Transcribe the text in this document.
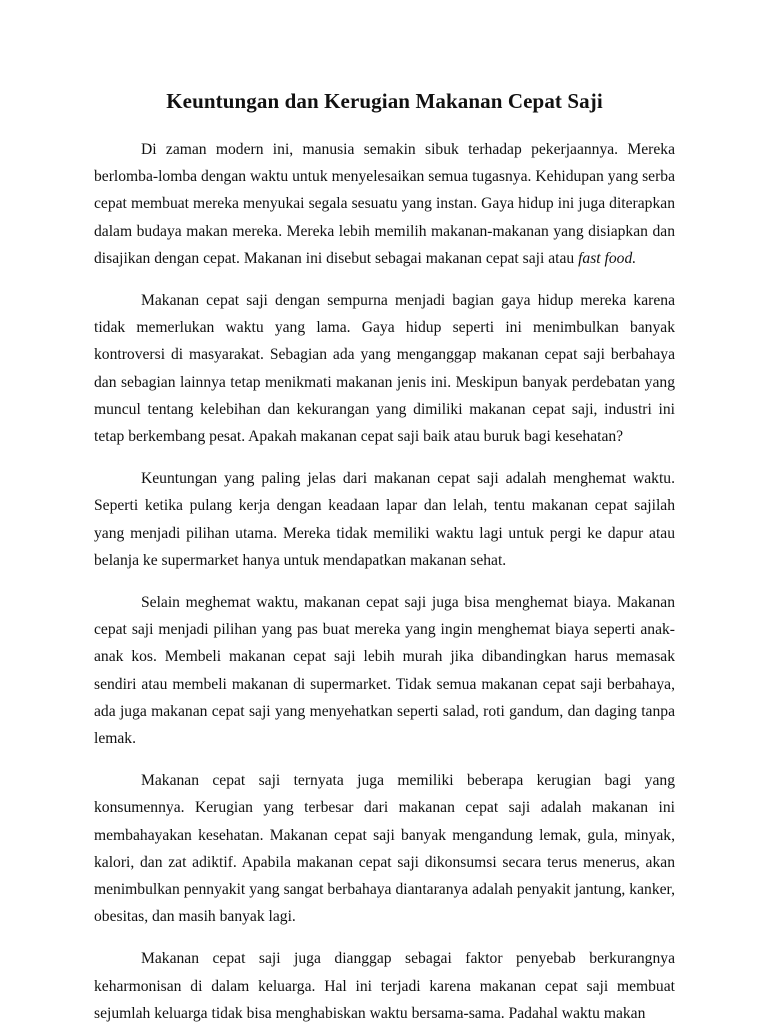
Keuntungan dan Kerugian Makanan Cepat Saji

Di zaman modern ini, manusia semakin sibuk terhadap pekerjaannya. Mereka berlomba-lomba dengan waktu untuk menyelesaikan semua tugasnya. Kehidupan yang serba cepat membuat mereka menyukai segala sesuatu yang instan. Gaya hidup ini juga diterapkan dalam budaya makan mereka. Mereka lebih memilih makanan-makanan yang disiapkan dan disajikan dengan cepat. Makanan ini disebut sebagai makanan cepat saji atau fast food.

Makanan cepat saji dengan sempurna menjadi bagian gaya hidup mereka karena tidak memerlukan waktu yang lama. Gaya hidup seperti ini menimbulkan banyak kontroversi di masyarakat. Sebagian ada yang menganggap makanan cepat saji berbahaya dan sebagian lainnya tetap menikmati makanan jenis ini. Meskipun banyak perdebatan yang muncul tentang kelebihan dan kekurangan yang dimiliki makanan cepat saji, industri ini tetap berkembang pesat. Apakah makanan cepat saji baik atau buruk bagi kesehatan?

Keuntungan yang paling jelas dari makanan cepat saji adalah menghemat waktu. Seperti ketika pulang kerja dengan keadaan lapar dan lelah, tentu makanan cepat sajilah yang menjadi pilihan utama. Mereka tidak memiliki waktu lagi untuk pergi ke dapur atau belanja ke supermarket hanya untuk mendapatkan makanan sehat.

Selain meghemat waktu, makanan cepat saji juga bisa menghemat biaya. Makanan cepat saji menjadi pilihan yang pas buat mereka yang ingin menghemat biaya seperti anak-anak kos. Membeli makanan cepat saji lebih murah jika dibandingkan harus memasak sendiri atau membeli makanan di supermarket. Tidak semua makanan cepat saji berbahaya, ada juga makanan cepat saji yang menyehatkan seperti salad, roti gandum, dan daging tanpa lemak.

Makanan cepat saji ternyata juga memiliki beberapa kerugian bagi yang konsumennya. Kerugian yang terbesar dari makanan cepat saji adalah makanan ini membahayakan kesehatan. Makanan cepat saji banyak mengandung lemak, gula, minyak, kalori, dan zat adiktif. Apabila makanan cepat saji dikonsumsi secara terus menerus, akan menimbulkan pennyakit yang sangat berbahaya diantaranya adalah penyakit jantung, kanker, obesitas, dan masih banyak lagi.

Makanan cepat saji juga dianggap sebagai faktor penyebab berkurangnya keharmonisan di dalam keluarga. Hal ini terjadi karena makanan cepat saji membuat sejumlah keluarga tidak bisa menghabiskan waktu bersama-sama. Padahal waktu makan
